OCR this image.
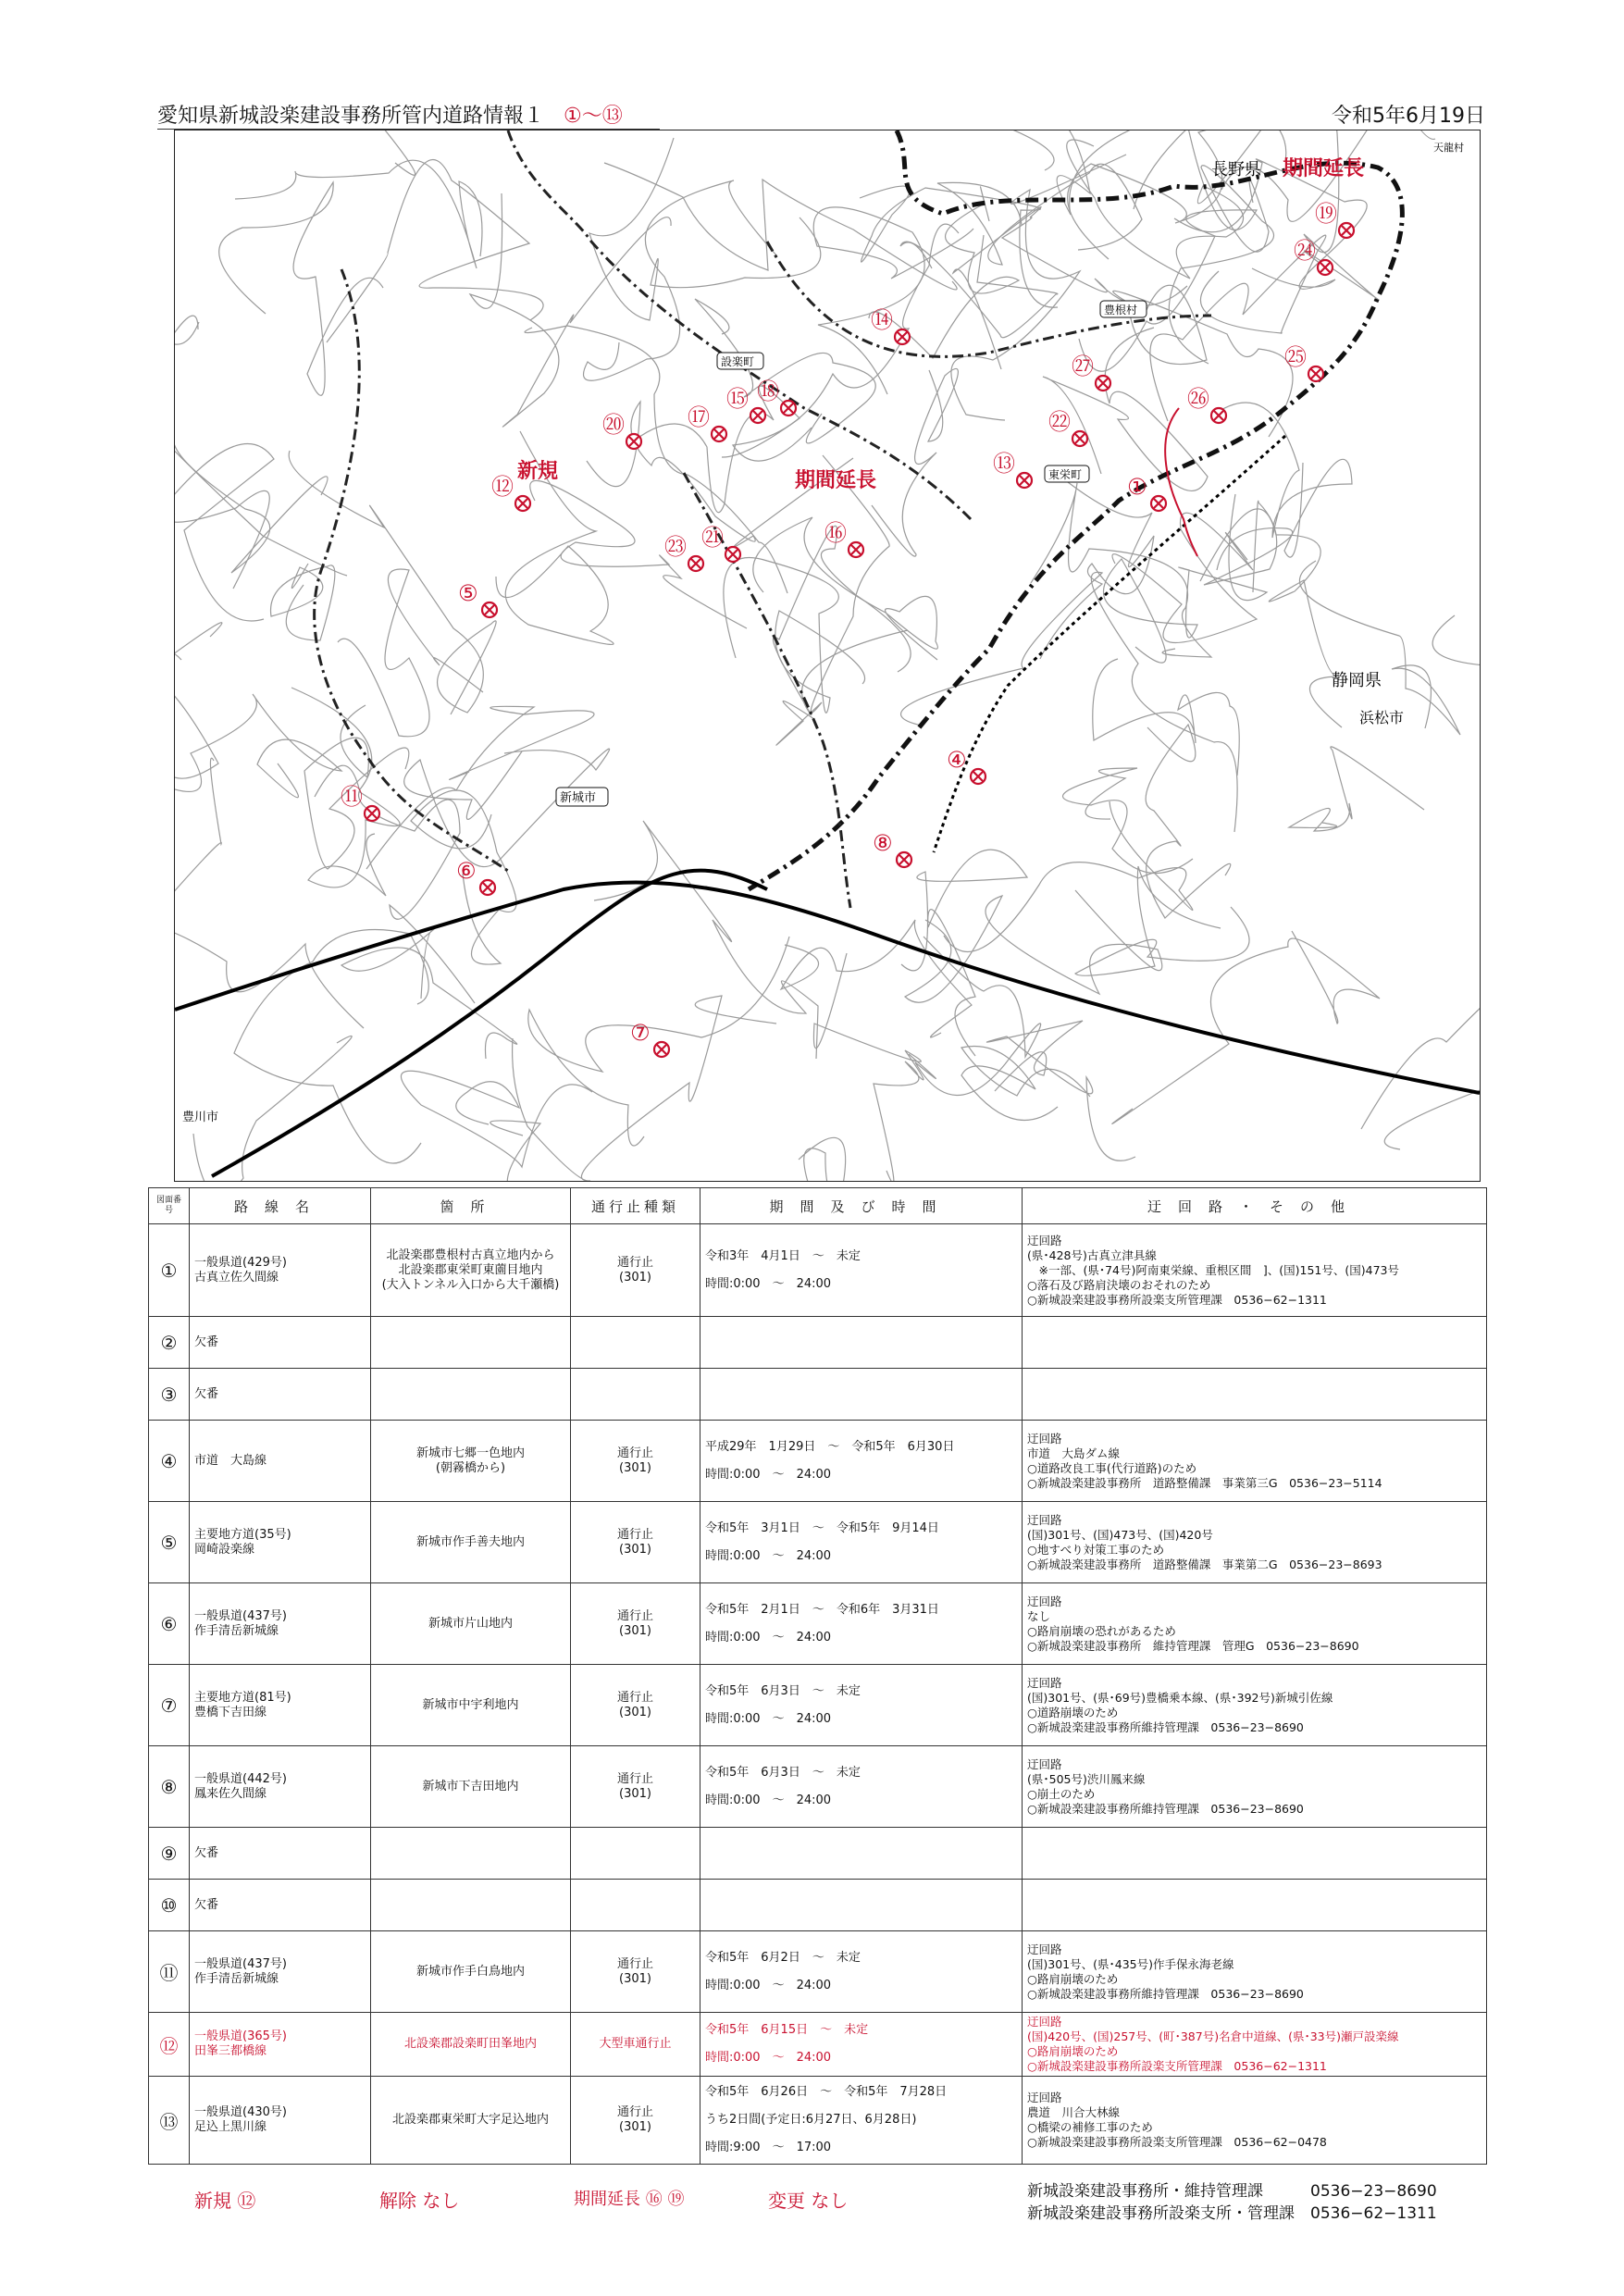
愛知県新城設楽建設事務所管内道路情報１ ①〜⑬	令和5年6月19日
①
④
⑤
⑥
⑦
⑧
⑪
⑫
⑬
⑭
⑮
⑯
⑰
⑱
⑲
⑳
㉑
㉒
㉓
㉔
㉕
㉖
㉗
長野県
天龍村
静岡県
浜松市
新城市
設楽町
東栄町
豊根村
豊川市
期間延長
期間延長
新規
図面番号	路線名	箇所	通行止種類	期間及び時間	迂回路・その他
①	一般県道(429号)
古真立佐久間線	北設楽郡豊根村古真立地内から
北設楽郡東栄町東薗目地内
(大入トンネル入口から大千瀬橋)	通行止
(301)	令和3年　4月1日　〜　未定
時間:0:00　〜　24:00	迂回路
(県･428号)古真立津具線
　※一部、(県･74号)阿南東栄線、重根区間　]、(国)151号、(国)473号
○落石及び路肩決壊のおそれのため
○新城設楽建設事務所設楽支所管理課　0536−62−1311
②	欠番				
③	欠番				
④	市道　大島線	新城市七郷一色地内
(朝霧橋から)	通行止
(301)	平成29年　1月29日　〜　令和5年　6月30日
時間:0:00　〜　24:00	迂回路
市道　大島ダム線
○道路改良工事(代行道路)のため
○新城設楽建設事務所　道路整備課　事業第三G　0536−23−5114
⑤	主要地方道(35号)
岡崎設楽線	新城市作手善夫地内	通行止
(301)	令和5年　3月1日　〜　令和5年　9月14日
時間:0:00　〜　24:00	迂回路
(国)301号、(国)473号、(国)420号
○地すべり対策工事のため
○新城設楽建設事務所　道路整備課　事業第二G　0536−23−8693
⑥	一般県道(437号)
作手清岳新城線	新城市片山地内	通行止
(301)	令和5年　2月1日　〜　令和6年　3月31日
時間:0:00　〜　24:00	迂回路
なし
○路肩崩壊の恐れがあるため
○新城設楽建設事務所　維持管理課　管理G　0536−23−8690
⑦	主要地方道(81号)
豊橋下吉田線	新城市中宇利地内	通行止
(301)	令和5年　6月3日　〜　未定
時間:0:00　〜　24:00	迂回路
(国)301号、(県･69号)豊橋乗本線、(県･392号)新城引佐線
○道路崩壊のため
○新城設楽建設事務所維持管理課　0536−23−8690
⑧	一般県道(442号)
鳳来佐久間線	新城市下吉田地内	通行止
(301)	令和5年　6月3日　〜　未定
時間:0:00　〜　24:00	迂回路
(県･505号)渋川鳳来線
○崩土のため
○新城設楽建設事務所維持管理課　0536−23−8690
⑨	欠番				
⑩	欠番				
⑪	一般県道(437号)
作手清岳新城線	新城市作手白鳥地内	通行止
(301)	令和5年　6月2日　〜　未定
時間:0:00　〜　24:00	迂回路
(国)301号、(県･435号)作手保永海老線
○路肩崩壊のため
○新城設楽建設事務所維持管理課　0536−23−8690
⑫	一般県道(365号)
田峯三都橋線	北設楽郡設楽町田峯地内	大型車通行止	令和5年　6月15日　〜　未定
時間:0:00　〜　24:00	迂回路
(国)420号、(国)257号、(町･387号)名倉中道線、(県･33号)瀬戸設楽線
○路肩崩壊のため
○新城設楽建設事務所設楽支所管理課　0536−62−1311
⑬	一般県道(430号)
足込上黒川線	北設楽郡東栄町大字足込地内	通行止
(301)	令和5年　6月26日　〜　令和5年　7月28日
うち2日間(予定日:6月27日、6月28日)
時間:9:00　〜　17:00	迂回路
農道　川合大林線
○橋梁の補修工事のため
○新城設楽建設事務所設楽支所管理課　0536−62−0478
新規 ⑫	解除 なし	期間延長 ⑯ ⑲	変更 なし	新城設楽建設事務所・維持管理課　　　0536−23−8690
新城設楽建設事務所設楽支所・管理課　0536−62−1311
